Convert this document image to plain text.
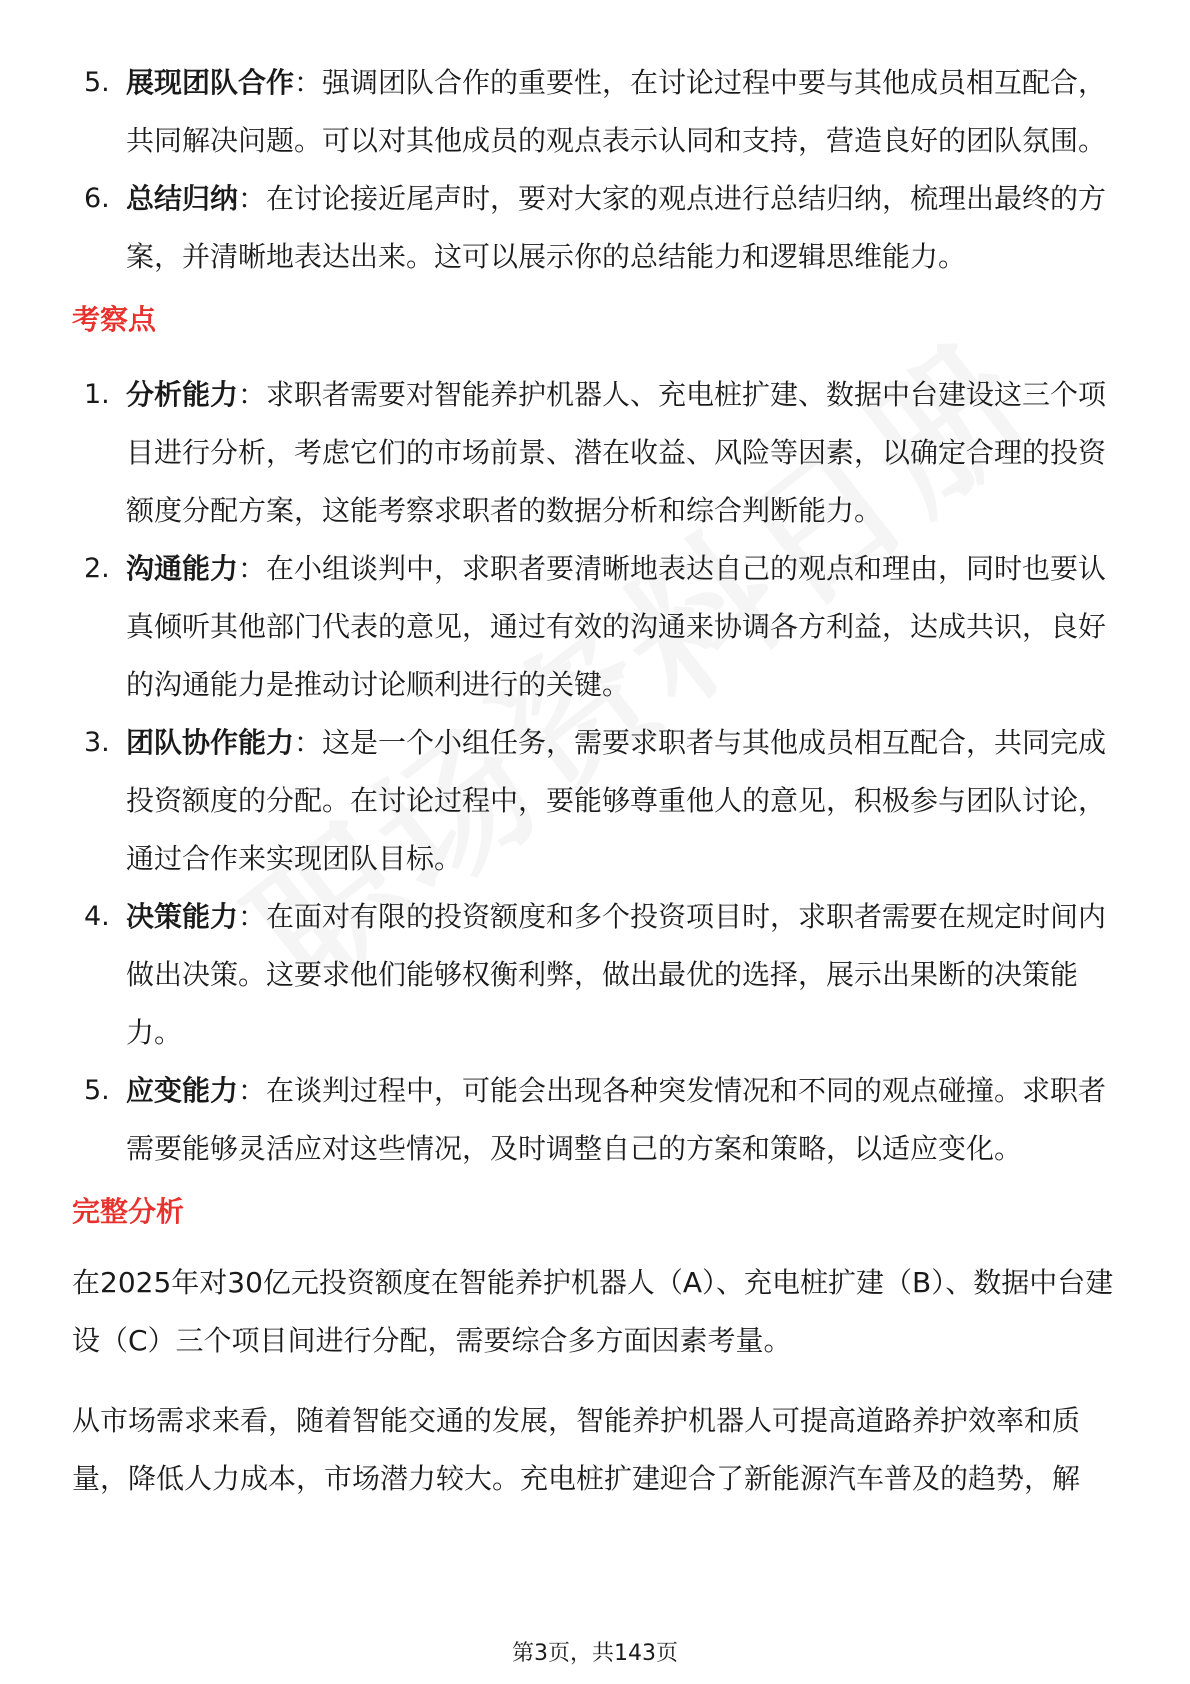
5. 展现团队合作：强调团队合作的重要性，在讨论过程中要与其他成员相互配合，共同解决问题。可以对其他成员的观点表示认同和支持，营造良好的团队氛围。
6. 总结归纳：在讨论接近尾声时，要对大家的观点进行总结归纳，梳理出最终的方案，并清晰地表达出来。这可以展示你的总结能力和逻辑思维能力。
考察点
1. 分析能力：求职者需要对智能养护机器人、充电桩扩建、数据中台建设这三个项目进行分析，考虑它们的市场前景、潜在收益、风险等因素，以确定合理的投资额度分配方案，这能考察求职者的数据分析和综合判断能力。
2. 沟通能力：在小组谈判中，求职者要清晰地表达自己的观点和理由，同时也要认真倾听其他部门代表的意见，通过有效的沟通来协调各方利益，达成共识，良好的沟通能力是推动讨论顺利进行的关键。
3. 团队协作能力：这是一个小组任务，需要求职者与其他成员相互配合，共同完成投资额度的分配。在讨论过程中，要能够尊重他人的意见，积极参与团队讨论，通过合作来实现团队目标。
4. 决策能力：在面对有限的投资额度和多个投资项目时，求职者需要在规定时间内做出决策。这要求他们能够权衡利弊，做出最优的选择，展示出果断的决策能力。
5. 应变能力：在谈判过程中，可能会出现各种突发情况和不同的观点碰撞。求职者需要能够灵活应对这些情况，及时调整自己的方案和策略，以适应变化。
完整分析

在2025年对30亿元投资额度在智能养护机器人（A）、充电桩扩建（B）、数据中台建设（C）三个项目间进行分配，需要综合多方面因素考量。

从市场需求来看，随着智能交通的发展，智能养护机器人可提高道路养护效率和质量，降低人力成本，市场潜力较大。充电桩扩建迎合了新能源汽车普及的趋势，解

第3页，共143页
